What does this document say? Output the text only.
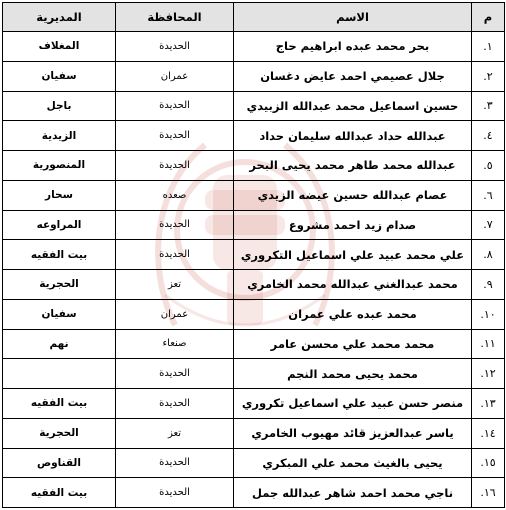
م	الاسم	المحافظة	المديرية
١.	بحر محمد عبده ابراهيم حاج	الحديدة	المغلاف
٢.	جلال عصيمي احمد عايض دغسان	عمران	سفيان
٣.	حسين اسماعيل محمد عبدالله الزبيدي	الحديدة	باجل
٤.	عبدالله حداد عبدالله سليمان حداد	الحديدة	الزيدية
٥.	عبدالله محمد طاهر محمد يحيى البحر	الحديدة	المنصورية
٦.	عصام عبدالله حسين عيضه الزيدي	صعده	سحار
٧.	صدام زيد احمد مشروع	الحديدة	المراوعه
٨.	علي محمد عبيد علي اسماعيل التكروري	الحديدة	بيت الفقيه
٩.	محمد عبدالغني عبدالله محمد الخامري	تعز	الحجرية
١٠.	محمد عبده علي عمران	عمران	سفيان
١١.	محمد محمد علي محسن عامر	صنعاء	نهم
١٢.	محمد يحيى محمد النجم	الحديدة	
١٣.	منصر حسن عبيد علي اسماعيل تكروري	الحديدة	بيت الفقيه
١٤.	ياسر عبدالعزيز قائد مهيوب الخامري	تعز	الحجرية
١٥.	يحيى بالغيث محمد علي المبكري	الحديدة	القناوص
١٦.	ناجي محمد احمد شاهر عبدالله جمل	الحديدة	بيت الفقيه
